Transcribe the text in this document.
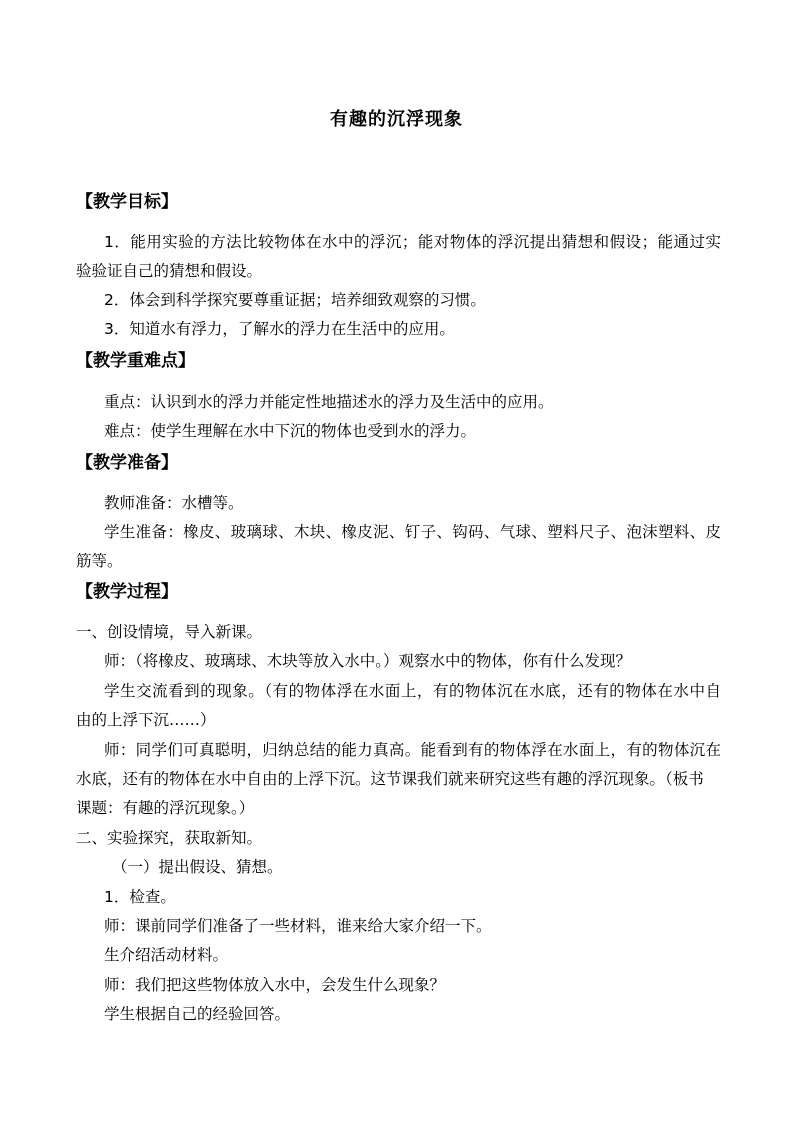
有趣的沉浮现象
【教学目标】
1．能用实验的方法比较物体在水中的浮沉；能对物体的浮沉提出猜想和假设；能通过实
验验证自己的猜想和假设。
2．体会到科学探究要尊重证据；培养细致观察的习惯。
3．知道水有浮力，了解水的浮力在生活中的应用。
【教学重难点】
重点：认识到水的浮力并能定性地描述水的浮力及生活中的应用。
难点：使学生理解在水中下沉的物体也受到水的浮力。
【教学准备】
教师准备：水槽等。
学生准备：橡皮、玻璃球、木块、橡皮泥、钉子、钩码、气球、塑料尺子、泡沫塑料、皮
筋等。
【教学过程】
一、创设情境，导入新课。
师：（将橡皮、玻璃球、木块等放入水中。）观察水中的物体，你有什么发现？
学生交流看到的现象。（有的物体浮在水面上，有的物体沉在水底，还有的物体在水中自
由的上浮下沉……）
师：同学们可真聪明，归纳总结的能力真高。能看到有的物体浮在水面上，有的物体沉在
水底，还有的物体在水中自由的上浮下沉。这节课我们就来研究这些有趣的浮沉现象。（板书
课题：有趣的浮沉现象。）
二、实验探究，获取新知。
（一）提出假设、猜想。
1．检查。
师：课前同学们准备了一些材料，谁来给大家介绍一下。
生介绍活动材料。
师：我们把这些物体放入水中，会发生什么现象？
学生根据自己的经验回答。
